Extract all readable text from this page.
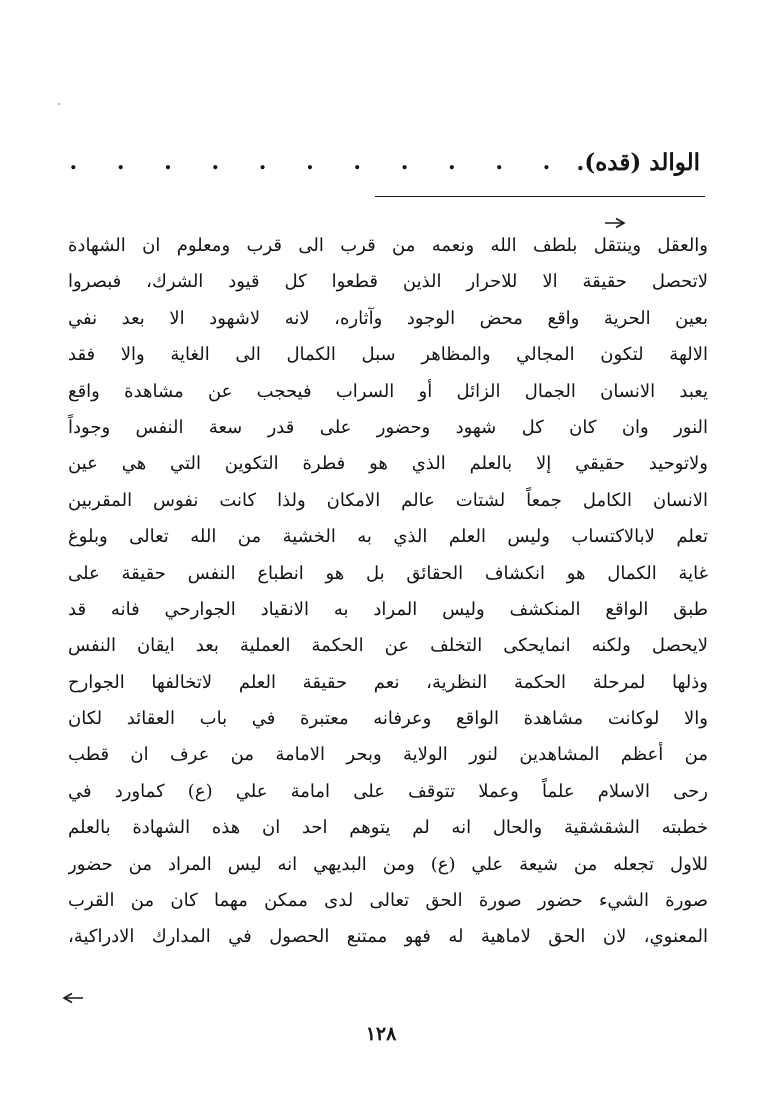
الوالد (قده).
. . . . . . . . . . .
والعقل وينتقل بلطف الله ونعمه من قرب الى قرب ومعلوم ان الشهادة
لاتحصل حقيقة الا للاحرار الذين قطعوا كل قيود الشرك، فبصروا
بعين الحرية واقع محض الوجود وآثاره، لانه لاشهود الا بعد نفي
الالهة لتكون المجالي والمظاهر سبل الكمال الى الغاية والا فقد
يعبد الانسان الجمال الزائل أو السراب فيحجب عن مشاهدة واقع
النور وان كان كل شهود وحضور على قدر سعة النفس وجوداً
ولاتوحيد حقيقي إلا بالعلم الذي هو فطرة التكوين التي هي عين
الانسان الكامل جمعاً لشتات عالم الامكان ولذا كانت نفوس المقربين
تعلم لابالاكتساب وليس العلم الذي به الخشية من الله تعالى وبلوغ
غاية الكمال هو انكشاف الحقائق بل هو انطباع النفس حقيقة على
طبق الواقع المنكشف وليس المراد به الانقياد الجوارحي فانه قد
لايحصل ولكنه انمايحكى التخلف عن الحكمة العملية بعد ايقان النفس
وذلها لمرحلة الحكمة النظرية، نعم حقيقة العلم لاتخالفها الجوارح
والا لوكانت مشاهدة الواقع وعرفانه معتبرة في باب العقائد لكان
من أعظم المشاهدين لنور الولاية وبحر الامامة من عرف ان قطب
رحى الاسلام علماً وعملا تتوقف على امامة علي (ع) كماورد في
خطبته الشقشقية والحال انه لم يتوهم احد ان هذه الشهادة بالعلم
للاول تجعله من شيعة علي (ع) ومن البديهي انه ليس المراد من حضور
صورة الشيء حضور صورة الحق تعالى لدى ممكن مهما كان من القرب
المعنوي، لان الحق لاماهية له فهو ممتنع الحصول في المدارك الادراكية،
١٢٨
